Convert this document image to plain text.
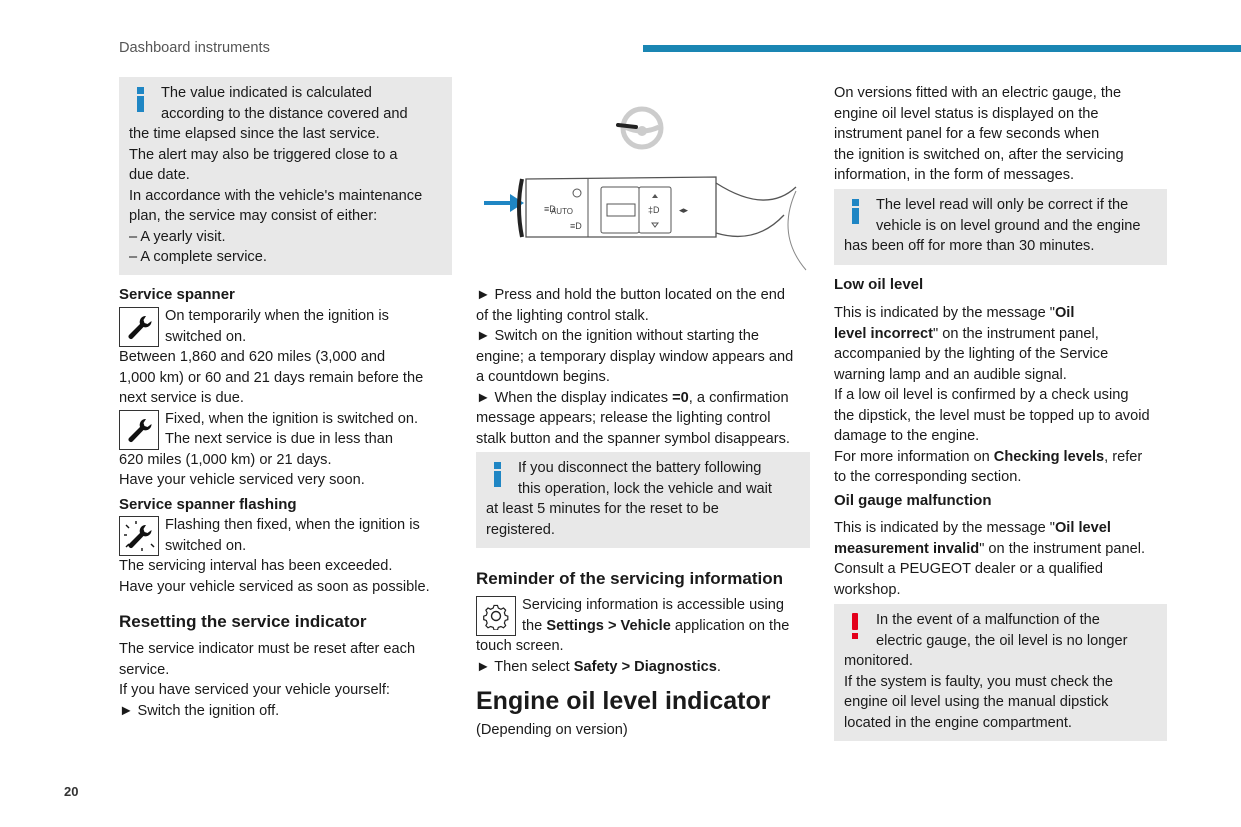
Dashboard instruments
20
The value indicated is calculated
according to the distance covered and
the time elapsed since the last service.
The alert may also be triggered close to a
due date.
In accordance with the vehicle's maintenance
plan, the service may consist of either:
– A yearly visit.
– A complete service.
Service spanner
On temporarily when the ignition is
switched on.
Between 1,860 and 620 miles (3,000 and
1,000 km) or 60 and 21 days remain before the
next service is due.
Fixed, when the ignition is switched on.
The next service is due in less than
620 miles (1,000 km) or 21 days.
Have your vehicle serviced very soon.
Service spanner flashing
Flashing then fixed, when the ignition is
switched on.
The servicing interval has been exceeded.
Have your vehicle serviced as soon as possible.
Resetting the service indicator
The service indicator must be reset after each
service.
If you have serviced your vehicle yourself:
► Switch the ignition off.
AUTO
≡D
≡D
‡D ◂▸
► Press and hold the button located on the end
of the lighting control stalk.
► Switch on the ignition without starting the
engine; a temporary display window appears and
a countdown begins.
► When the display indicates =0, a confirmation
message appears; release the lighting control
stalk button and the spanner symbol disappears.
If you disconnect the battery following
this operation, lock the vehicle and wait
at least 5 minutes for the reset to be
registered.
Reminder of the servicing information
Servicing information is accessible using
the Settings > Vehicle application on the
touch screen.
► Then select Safety > Diagnostics.
Engine oil level indicator
(Depending on version)
On versions fitted with an electric gauge, the
engine oil level status is displayed on the
instrument panel for a few seconds when
the ignition is switched on, after the servicing
information, in the form of messages.
The level read will only be correct if the
vehicle is on level ground and the engine
has been off for more than 30 minutes.
Low oil level
This is indicated by the message "Oil
level incorrect" on the instrument panel,
accompanied by the lighting of the Service
warning lamp and an audible signal.
If a low oil level is confirmed by a check using
the dipstick, the level must be topped up to avoid
damage to the engine.
For more information on Checking levels, refer
to the corresponding section.
Oil gauge malfunction
This is indicated by the message "Oil level
measurement invalid" on the instrument panel.
Consult a PEUGEOT dealer or a qualified
workshop.
In the event of a malfunction of the
electric gauge, the oil level is no longer
monitored.
If the system is faulty, you must check the
engine oil level using the manual dipstick
located in the engine compartment.
